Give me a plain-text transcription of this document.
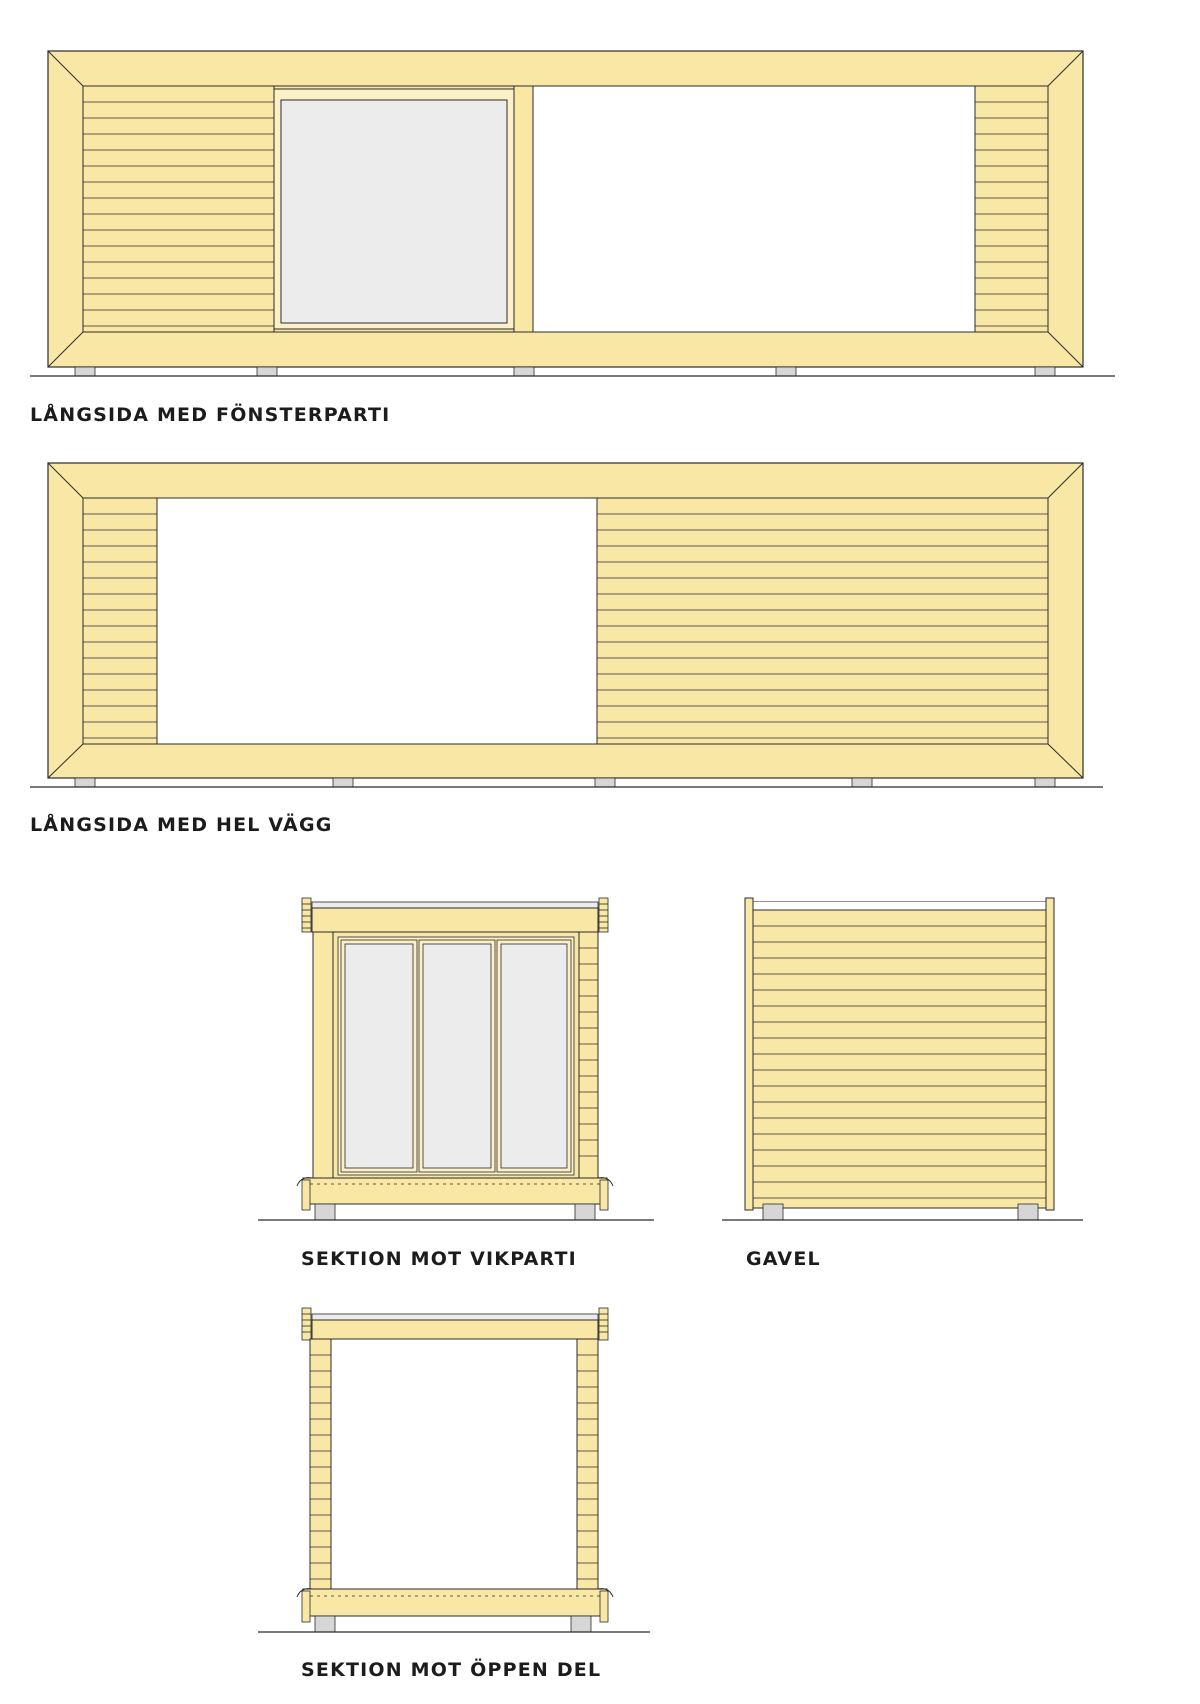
LÅNGSIDA MED FÖNSTERPARTI
LÅNGSIDA MED HEL VÄGG
SEKTION MOT VIKPARTI	GAVEL
SEKTION MOT ÖPPEN DEL
